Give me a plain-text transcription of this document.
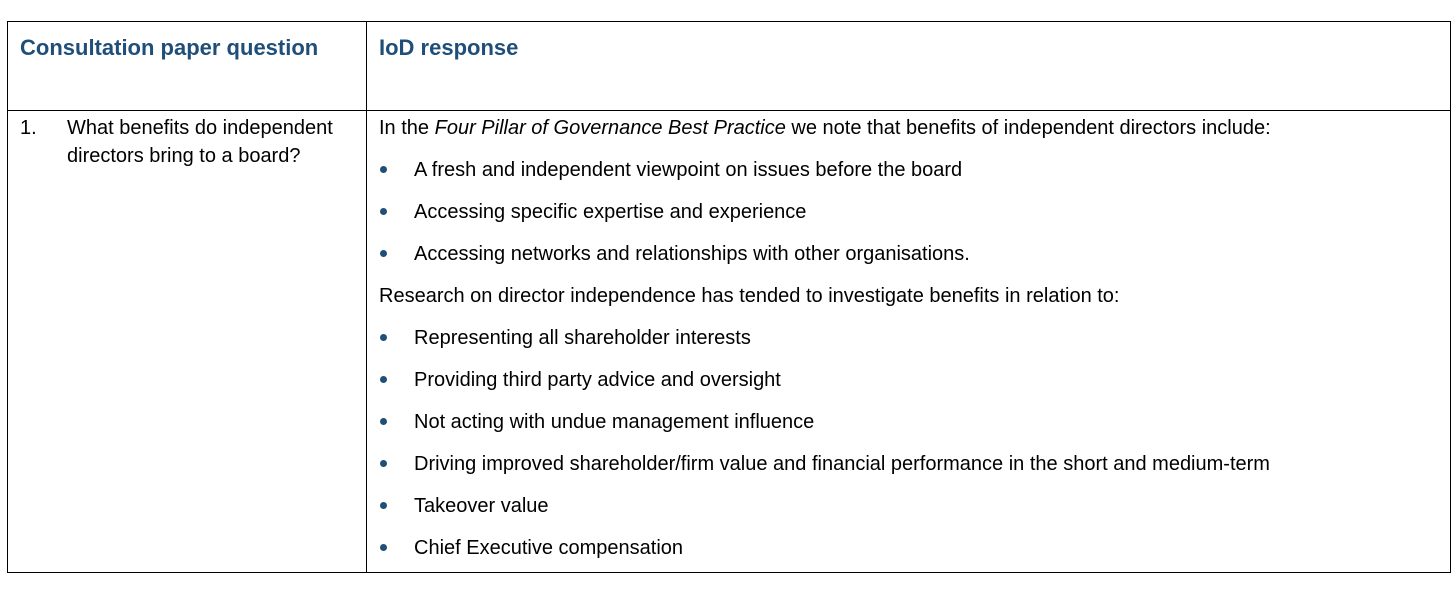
Consultation paper question	IoD response
1. What benefits do independent directors bring to a board?
In the Four Pillar of Governance Best Practice we note that benefits of independent directors include:
A fresh and independent viewpoint on issues before the board
Accessing specific expertise and experience
Accessing networks and relationships with other organisations.
Research on director independence has tended to investigate benefits in relation to:
Representing all shareholder interests
Providing third party advice and oversight
Not acting with undue management influence
Driving improved shareholder/firm value and financial performance in the short and medium-term
Takeover value
Chief Executive compensation
